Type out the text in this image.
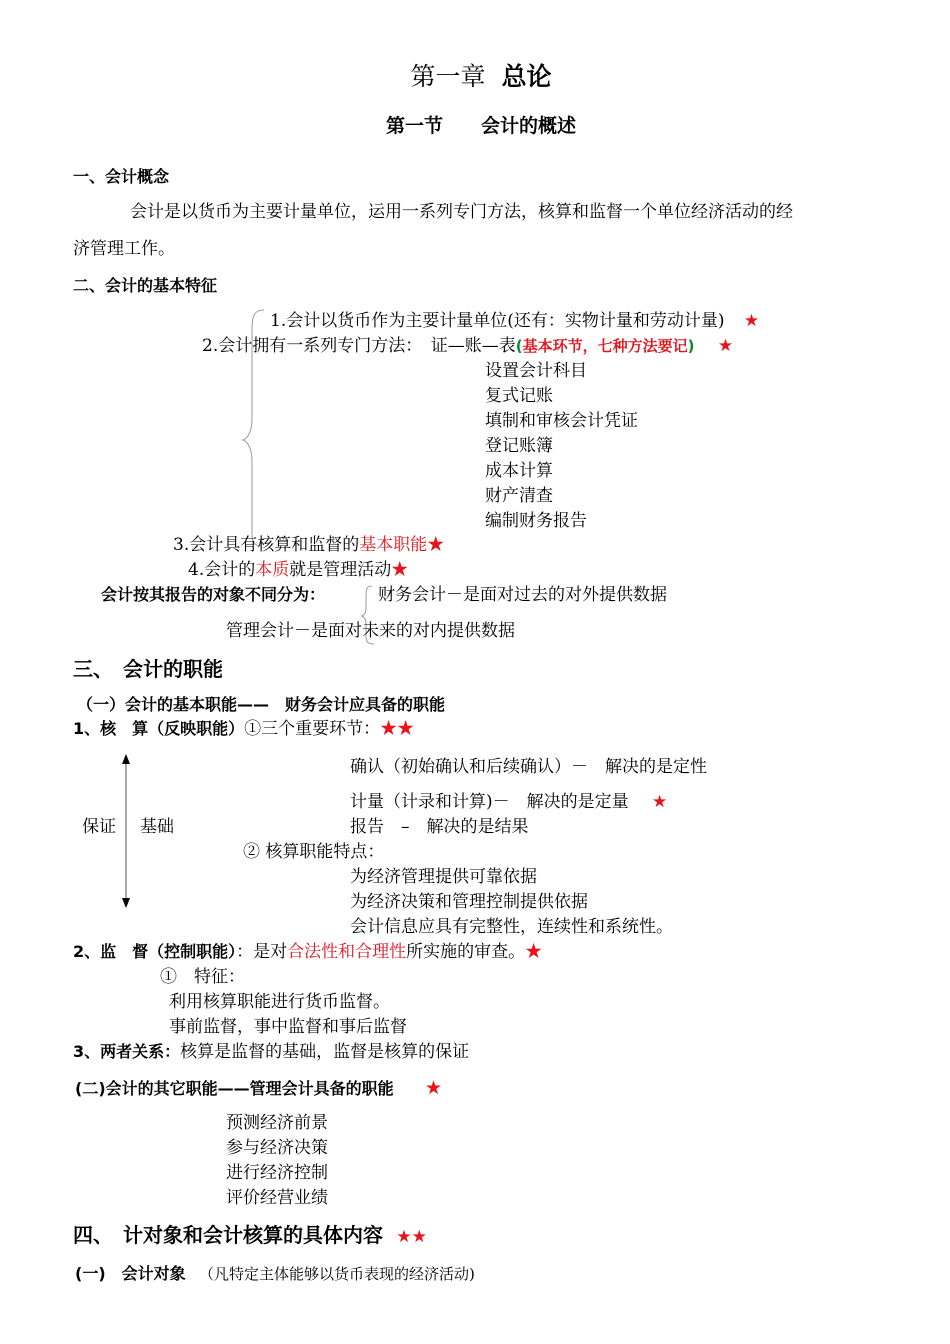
第一章 总论
第一节　　会计的概述
一、会计概念
会计是以货币为主要计量单位，运用一系列专门方法，核算和监督一个单位经济活动的经
济管理工作。
二、会计的基本特征
1.会计以货币作为主要计量单位(还有：实物计量和劳动计量) ★
2.会计拥有一系列专门方法：　证—账—表(基本环节，七种方法要记) ★
设置会计科目
复式记账
填制和审核会计凭证
登记账簿
成本计算
财产清查
编制财务报告
3.会计具有核算和监督的基本职能★
4.会计的本质就是管理活动★
会计按其报告的对象不同分为：	财务会计－是面对过去的对外提供数据
管理会计－是面对未来的对内提供数据
三、　会计的职能
（一）会计的基本职能——　财务会计应具备的职能
1、核　算（反映职能）①三个重要环节：★★
确认（初始确认和后续确认）－　解决的是定性
计量（计录和计算)－　解决的是定量 ★
报告　–　解决的是结果
保证 基础
② 核算职能特点：
为经济管理提供可靠依据
为经济决策和管理控制提供依据
会计信息应具有完整性，连续性和系统性。
2、监　督（控制职能）：是对合法性和合理性所实施的审查。★
①　特征：
利用核算职能进行货币监督。
事前监督，事中监督和事后监督
3、两者关系：核算是监督的基础，监督是核算的保证
(二)会计的其它职能——管理会计具备的职能 ★
预测经济前景
参与经济决策
进行经济控制
评价经营业绩
四、　计对象和会计核算的具体内容 ★★
(一)　会计对象 （凡特定主体能够以货币表现的经济活动)
